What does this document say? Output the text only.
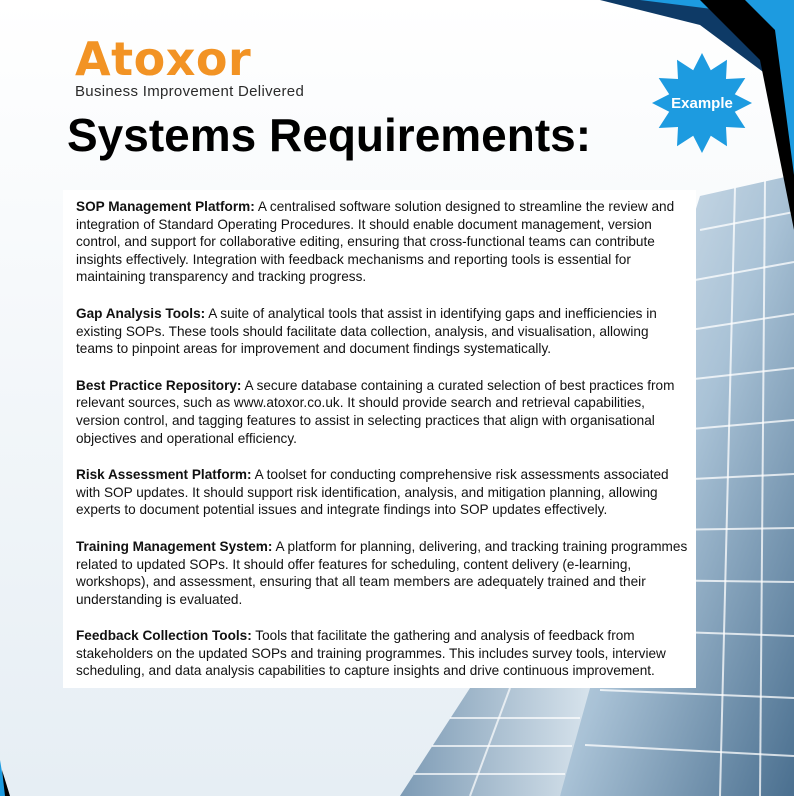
Atoxor
Business Improvement Delivered
Example
Systems Requirements:

SOP Management Platform: A centralised software solution designed to streamline the review and integration of Standard Operating Procedures. It should enable document management, version control, and support for collaborative editing, ensuring that cross-functional teams can contribute insights effectively. Integration with feedback mechanisms and reporting tools is essential for maintaining transparency and tracking progress.

Gap Analysis Tools: A suite of analytical tools that assist in identifying gaps and inefficiencies in existing SOPs. These tools should facilitate data collection, analysis, and visualisation, allowing teams to pinpoint areas for improvement and document findings systematically.

Best Practice Repository: A secure database containing a curated selection of best practices from relevant sources, such as www.atoxor.co.uk. It should provide search and retrieval capabilities, version control, and tagging features to assist in selecting practices that align with organisational objectives and operational efficiency.

Risk Assessment Platform: A toolset for conducting comprehensive risk assessments associated with SOP updates. It should support risk identification, analysis, and mitigation planning, allowing experts to document potential issues and integrate findings into SOP updates effectively.

Training Management System: A platform for planning, delivering, and tracking training programmes related to updated SOPs. It should offer features for scheduling, content delivery (e-learning, workshops), and assessment, ensuring that all team members are adequately trained and their understanding is evaluated.

Feedback Collection Tools: Tools that facilitate the gathering and analysis of feedback from stakeholders on the updated SOPs and training programmes. This includes survey tools, interview scheduling, and data analysis capabilities to capture insights and drive continuous improvement.
